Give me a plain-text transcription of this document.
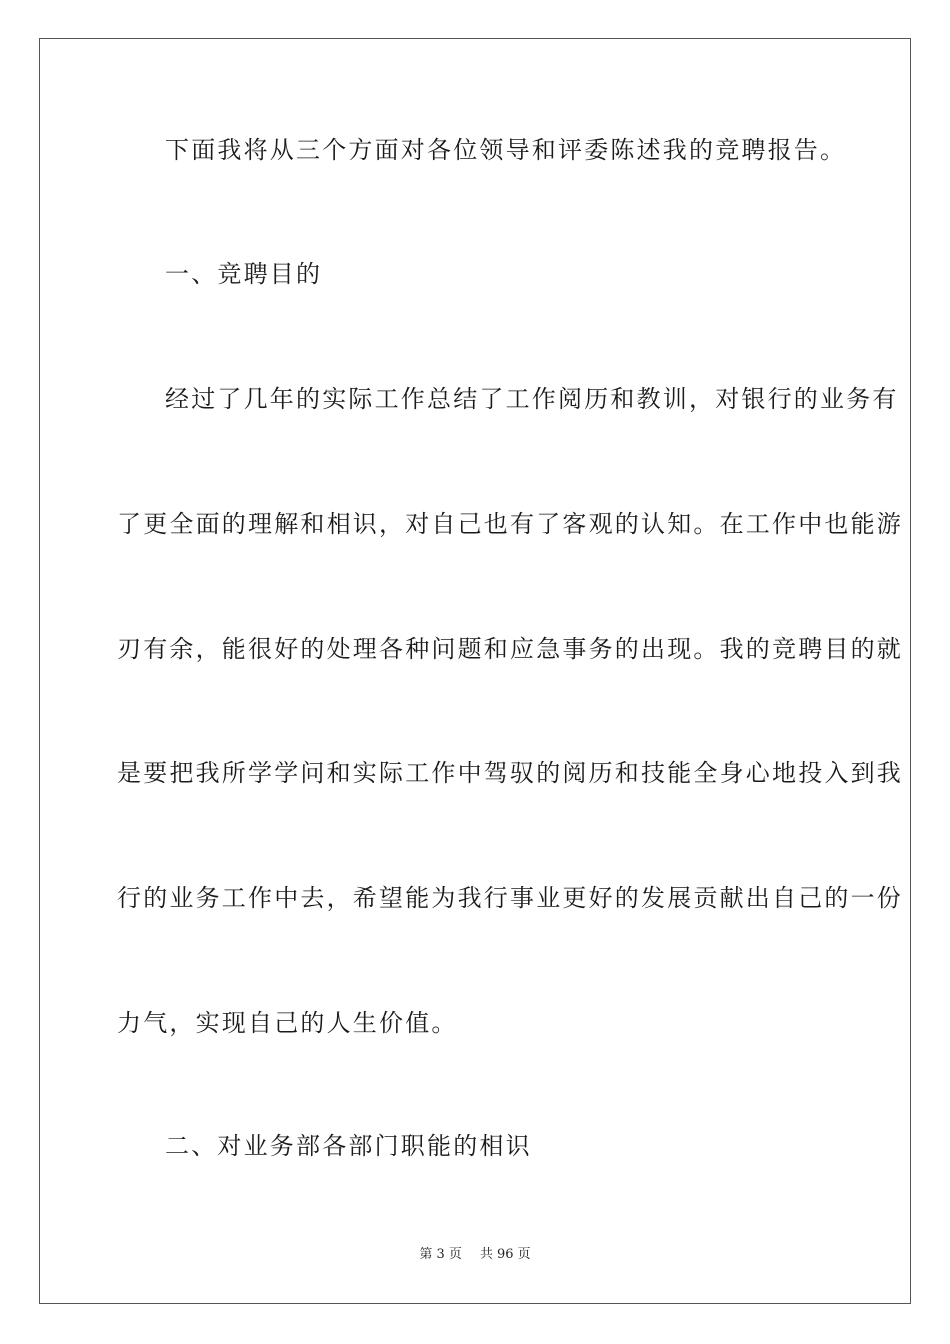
下面我将从三个方面对各位领导和评委陈述我的竞聘报告。
一、竞聘目的
经过了几年的实际工作总结了工作阅历和教训，对银行的业务有
了更全面的理解和相识，对自己也有了客观的认知。在工作中也能游
刃有余，能很好的处理各种问题和应急事务的出现。我的竞聘目的就
是要把我所学学问和实际工作中驾驭的阅历和技能全身心地投入到我
行的业务工作中去，希望能为我行事业更好的发展贡献出自己的一份
力气，实现自己的人生价值。
二、对业务部各部门职能的相识
第 3 页 共 96 页
